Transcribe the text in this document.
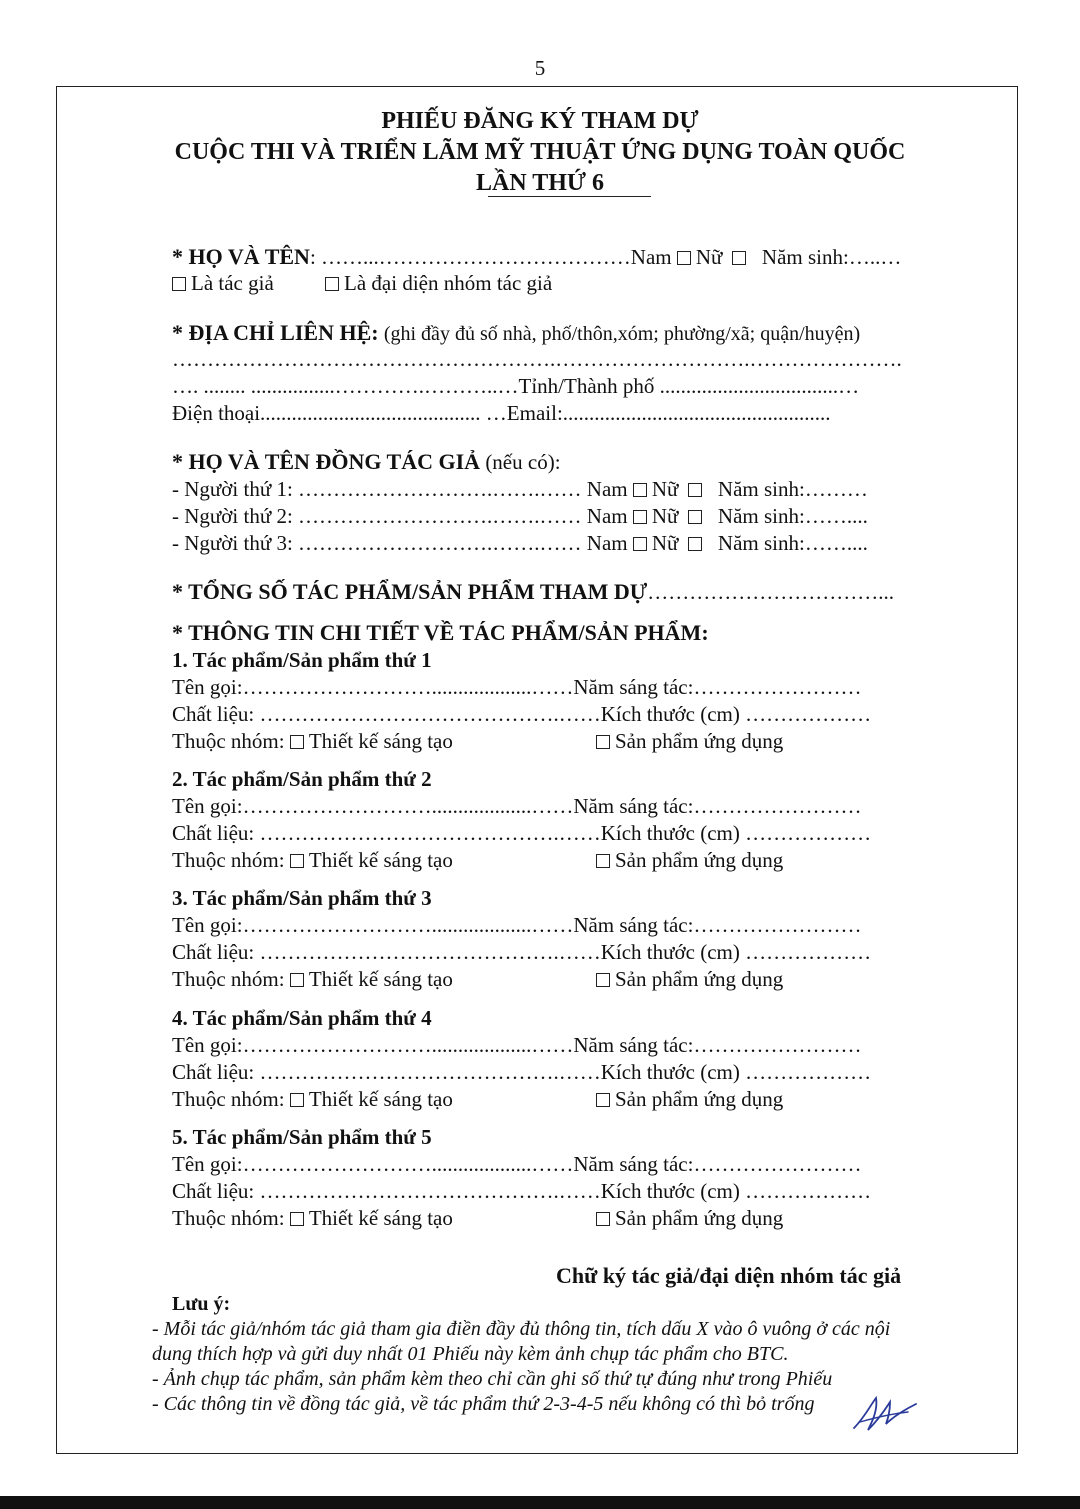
5
PHIẾU ĐĂNG KÝ THAM DỰ
CUỘC THI VÀ TRIỂN LÃM MỸ THUẬT ỨNG DỤNG TOÀN QUỐC
LẦN THỨ 6
* HỌ VÀ TÊN: ……...………………………………Nam Nữ Năm sinh:…..…
Là tác giả	Là đại diện nhóm tác giả
* ĐỊA CHỈ LIÊN HỆ: (ghi đầy đủ số nhà, phố/thôn,xóm; phường/xã; quận/huyện)
……………………………………………….……………………….………………….
…. ........ ................………….………..…Tỉnh/Thành phố ..................................…
Điện thoại.......................................... …Email:...................................................
* HỌ VÀ TÊN ĐỒNG TÁC GIẢ (nếu có):
- Người thứ 1: ……………………….…….…… Nam Nữ Năm sinh:………
- Người thứ 2: ……………………….…….…… Nam Nữ Năm sinh:……....
- Người thứ 3: ……………………….…….…… Nam Nữ Năm sinh:……....
* TỔNG SỐ TÁC PHẨM/SẢN PHẨM THAM DỰ……………………………...
* THÔNG TIN CHI TIẾT VỀ TÁC PHẨM/SẢN PHẨM:
1. Tác phẩm/Sản phẩm thứ 1
Tên gọi:………………………...................……Năm sáng tác:……………………
Chất liệu: …………………………………….……Kích thước (cm) ………………
Thuộc nhóm: Thiết kế sáng tạo	Sản phẩm ứng dụng
2. Tác phẩm/Sản phẩm thứ 2
Tên gọi:………………………...................……Năm sáng tác:……………………
Chất liệu: …………………………………….……Kích thước (cm) ………………
Thuộc nhóm: Thiết kế sáng tạo	Sản phẩm ứng dụng
3. Tác phẩm/Sản phẩm thứ 3
Tên gọi:………………………...................……Năm sáng tác:……………………
Chất liệu: …………………………………….……Kích thước (cm) ………………
Thuộc nhóm: Thiết kế sáng tạo	Sản phẩm ứng dụng
4. Tác phẩm/Sản phẩm thứ 4
Tên gọi:………………………...................……Năm sáng tác:……………………
Chất liệu: …………………………………….……Kích thước (cm) ………………
Thuộc nhóm: Thiết kế sáng tạo	Sản phẩm ứng dụng
5. Tác phẩm/Sản phẩm thứ 5
Tên gọi:………………………...................……Năm sáng tác:……………………
Chất liệu: …………………………………….……Kích thước (cm) ………………
Thuộc nhóm: Thiết kế sáng tạo	Sản phẩm ứng dụng
Chữ ký tác giả/đại diện nhóm tác giả
Lưu ý:
- Mỗi tác giả/nhóm tác giả tham gia điền đầy đủ thông tin, tích dấu X vào ô vuông ở các nội
dung thích hợp và gửi duy nhất 01 Phiếu này kèm ảnh chụp tác phẩm cho BTC.
- Ảnh chụp tác phẩm, sản phẩm kèm theo chỉ cần ghi số thứ tự đúng như trong Phiếu
- Các thông tin về đồng tác giả, về tác phẩm thứ 2-3-4-5 nếu không có thì bỏ trống
